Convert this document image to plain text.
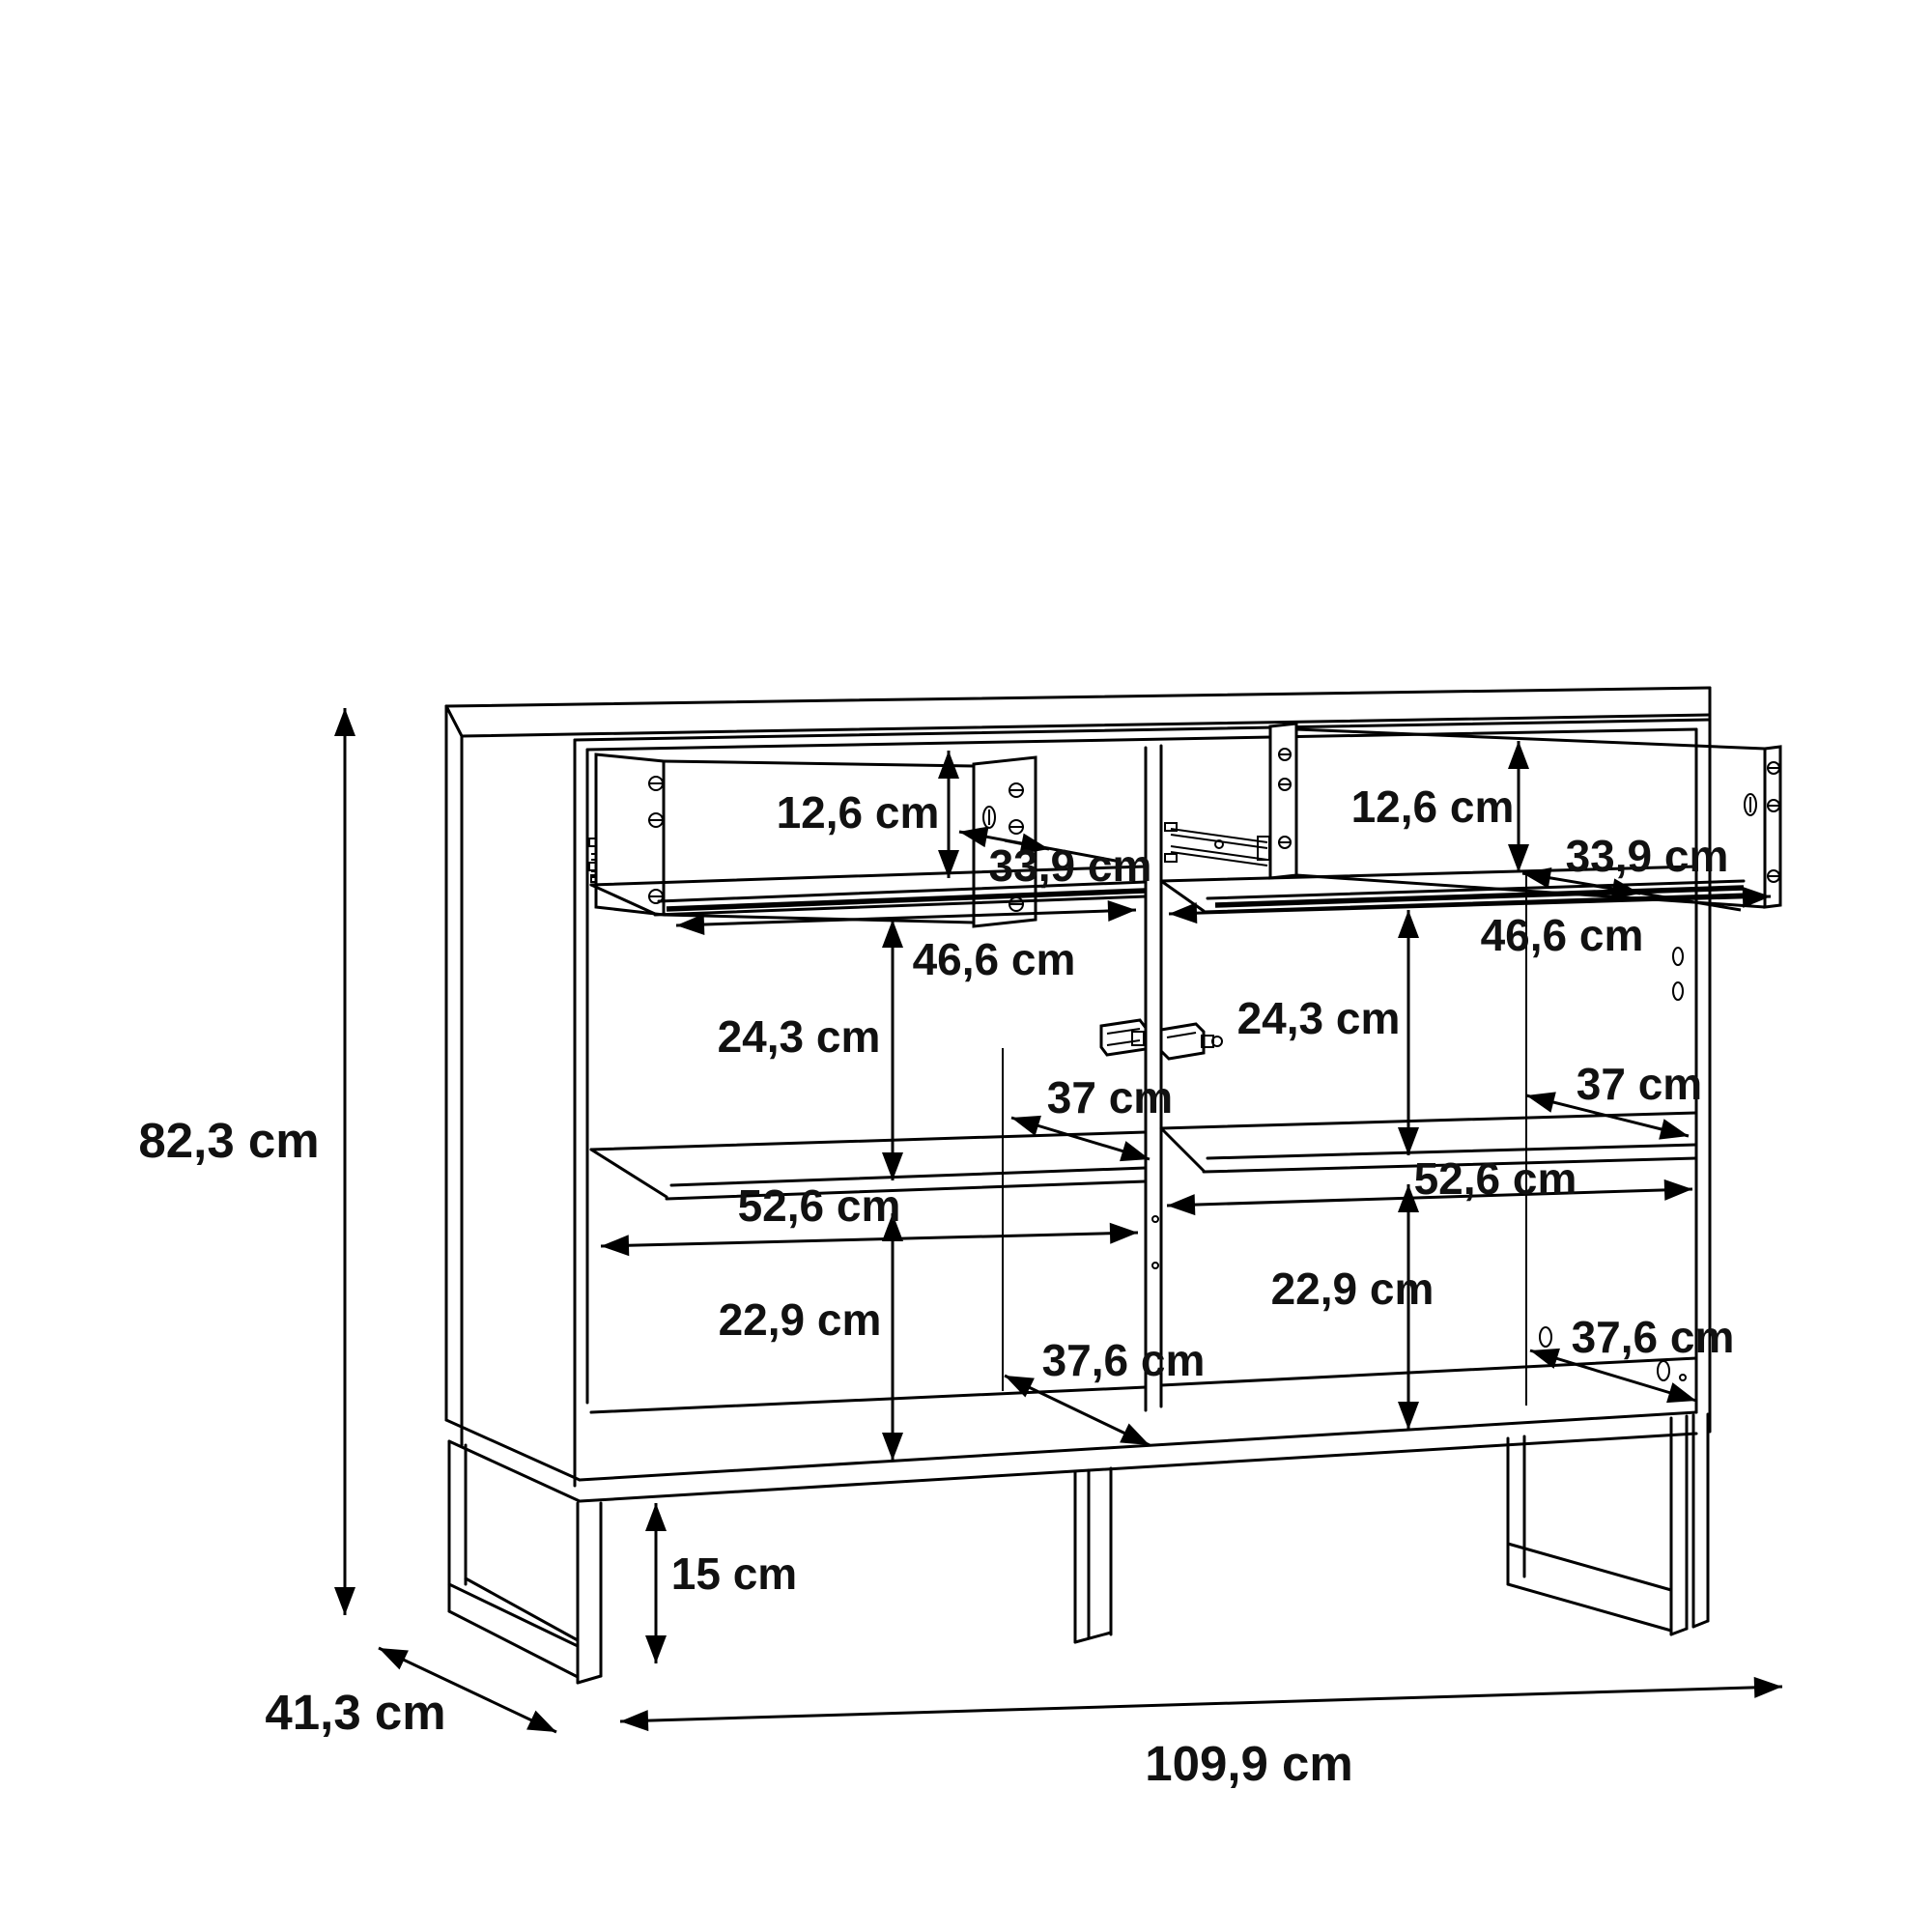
82,3 cm
41,3 cm
109,9 cm
15 cm
12,6 cm
33,9 cm
46,6 cm
24,3 cm
37 cm
52,6 cm
22,9 cm
37,6 cm
12,6 cm
33,9 cm
46,6 cm
24,3 cm
37 cm
52,6 cm
22,9 cm
37,6 cm
